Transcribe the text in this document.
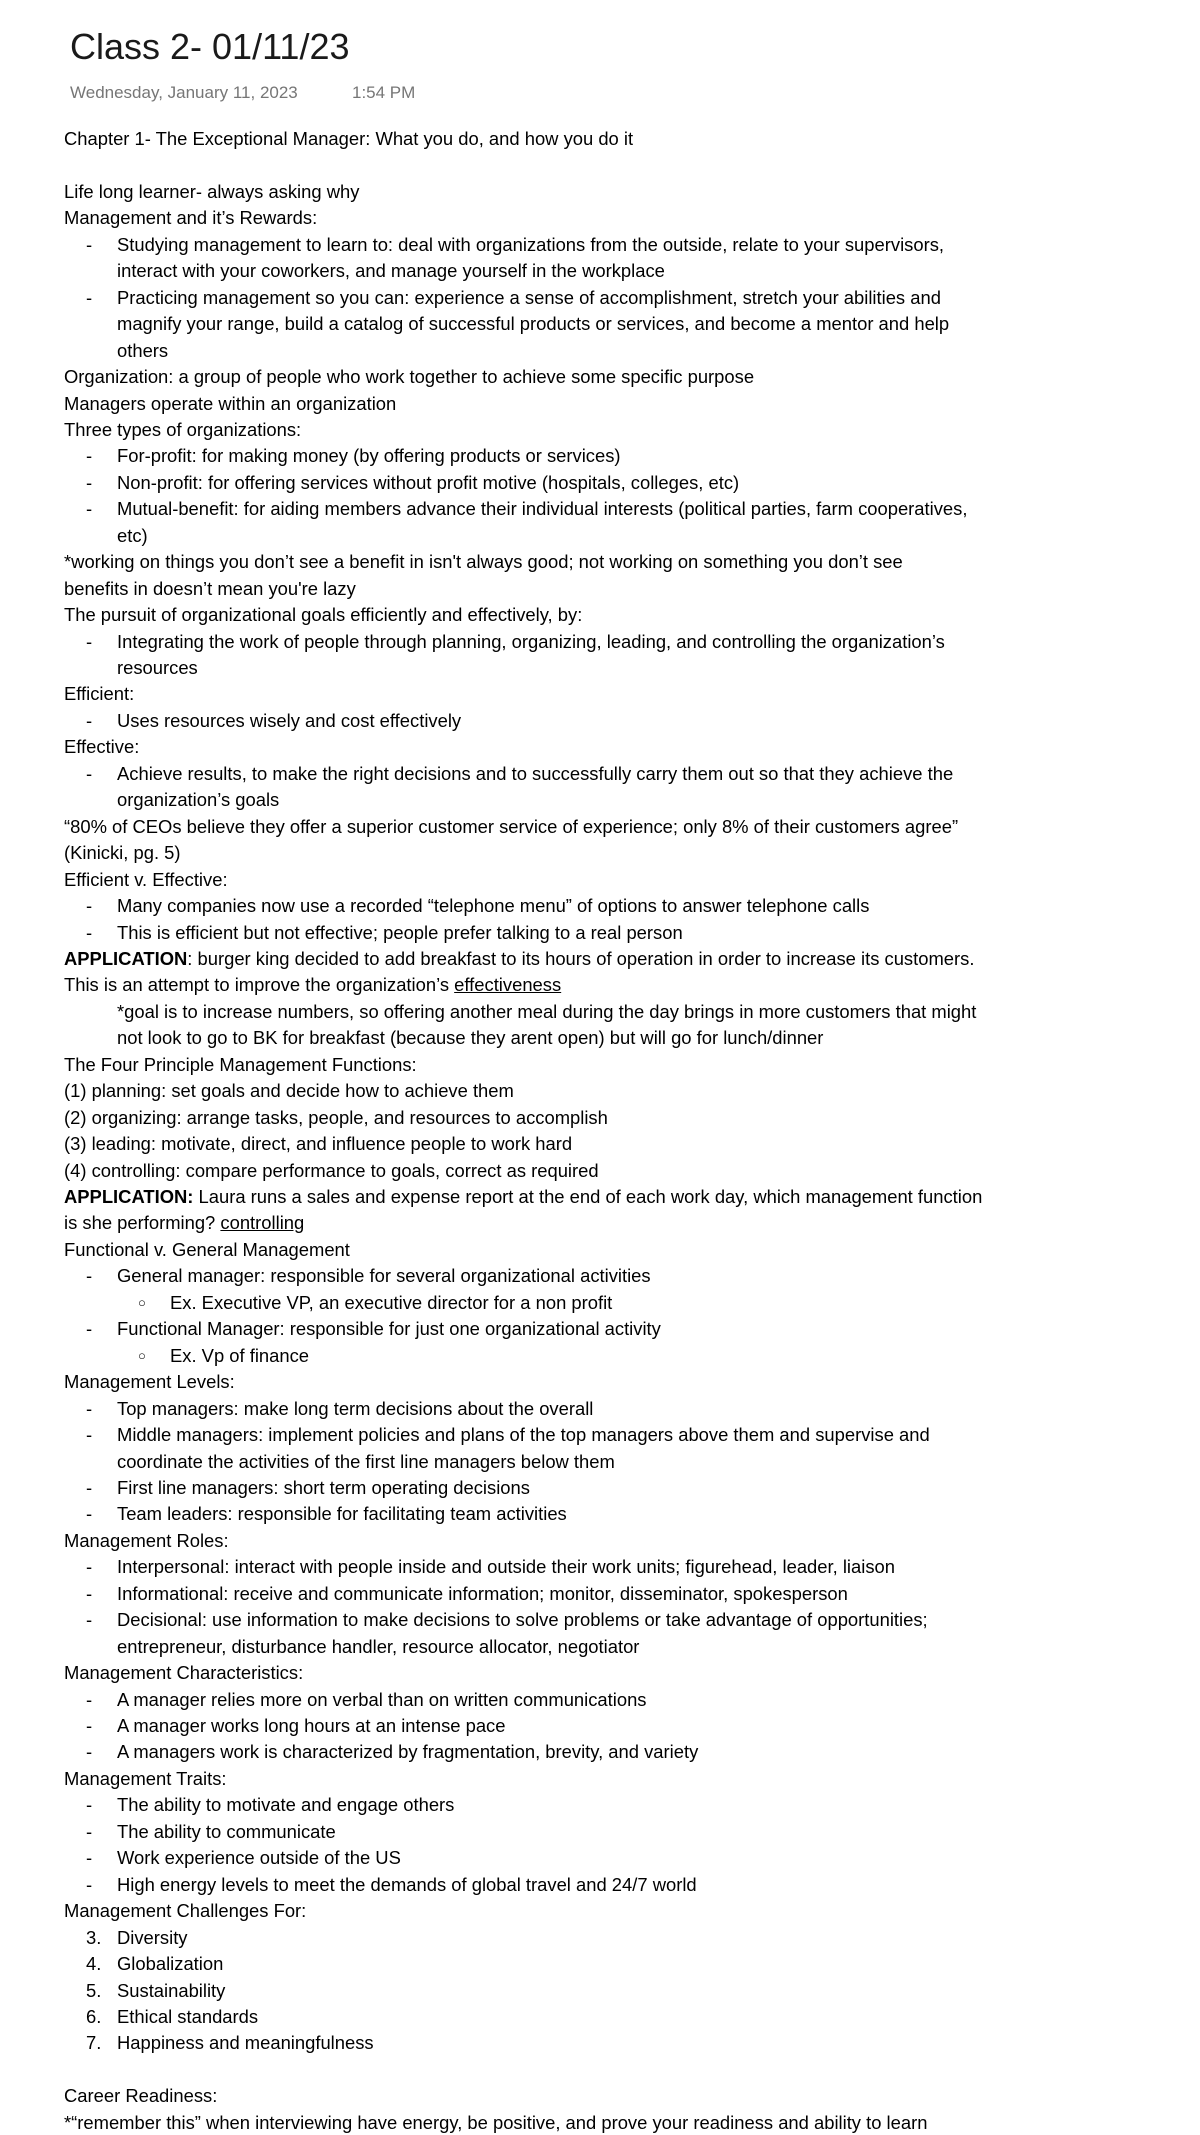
Class 2- 01/11/23
Wednesday, January 11, 2023	1:54 PM
Chapter 1- The Exceptional Manager: What you do, and how you do it
Life long learner- always asking why
Management and it’s Rewards:
- Studying management to learn to: deal with organizations from the outside, relate to your supervisors,
interact with your coworkers, and manage yourself in the workplace
- Practicing management so you can: experience a sense of accomplishment, stretch your abilities and
magnify your range, build a catalog of successful products or services, and become a mentor and help
others
Organization: a group of people who work together to achieve some specific purpose
Managers operate within an organization
Three types of organizations:
- For-profit: for making money (by offering products or services)
- Non-profit: for offering services without profit motive (hospitals, colleges, etc)
- Mutual-benefit: for aiding members advance their individual interests (political parties, farm cooperatives,
etc)
*working on things you don’t see a benefit in isn't always good; not working on something you don’t see
benefits in doesn’t mean you're lazy
The pursuit of organizational goals efficiently and effectively, by:
- Integrating the work of people through planning, organizing, leading, and controlling the organization’s
resources
Efficient:
- Uses resources wisely and cost effectively
Effective:
- Achieve results, to make the right decisions and to successfully carry them out so that they achieve the
organization’s goals
“80% of CEOs believe they offer a superior customer service of experience; only 8% of their customers agree”
(Kinicki, pg. 5)
Efficient v. Effective:
- Many companies now use a recorded “telephone menu” of options to answer telephone calls
- This is efficient but not effective; people prefer talking to a real person
APPLICATION: burger king decided to add breakfast to its hours of operation in order to increase its customers.
This is an attempt to improve the organization’s effectiveness
*goal is to increase numbers, so offering another meal during the day brings in more customers that might
not look to go to BK for breakfast (because they arent open) but will go for lunch/dinner
The Four Principle Management Functions:
(1) planning: set goals and decide how to achieve them
(2) organizing: arrange tasks, people, and resources to accomplish
(3) leading: motivate, direct, and influence people to work hard
(4) controlling: compare performance to goals, correct as required
APPLICATION: Laura runs a sales and expense report at the end of each work day, which management function
is she performing? controlling
Functional v. General Management
- General manager: responsible for several organizational activities
○ Ex. Executive VP, an executive director for a non profit
- Functional Manager: responsible for just one organizational activity
○ Ex. Vp of finance
Management Levels:
- Top managers: make long term decisions about the overall
- Middle managers: implement policies and plans of the top managers above them and supervise and
coordinate the activities of the first line managers below them
- First line managers: short term operating decisions
- Team leaders: responsible for facilitating team activities
Management Roles:
- Interpersonal: interact with people inside and outside their work units; figurehead, leader, liaison
- Informational: receive and communicate information; monitor, disseminator, spokesperson
- Decisional: use information to make decisions to solve problems or take advantage of opportunities;
entrepreneur, disturbance handler, resource allocator, negotiator
Management Characteristics:
- A manager relies more on verbal than on written communications
- A manager works long hours at an intense pace
- A managers work is characterized by fragmentation, brevity, and variety
Management Traits:
- The ability to motivate and engage others
- The ability to communicate
- Work experience outside of the US
- High energy levels to meet the demands of global travel and 24/7 world
Management Challenges For:
3. Diversity
4. Globalization
5. Sustainability
6. Ethical standards
7. Happiness and meaningfulness
Career Readiness:
*“remember this” when interviewing have energy, be positive, and prove your readiness and ability to learn
